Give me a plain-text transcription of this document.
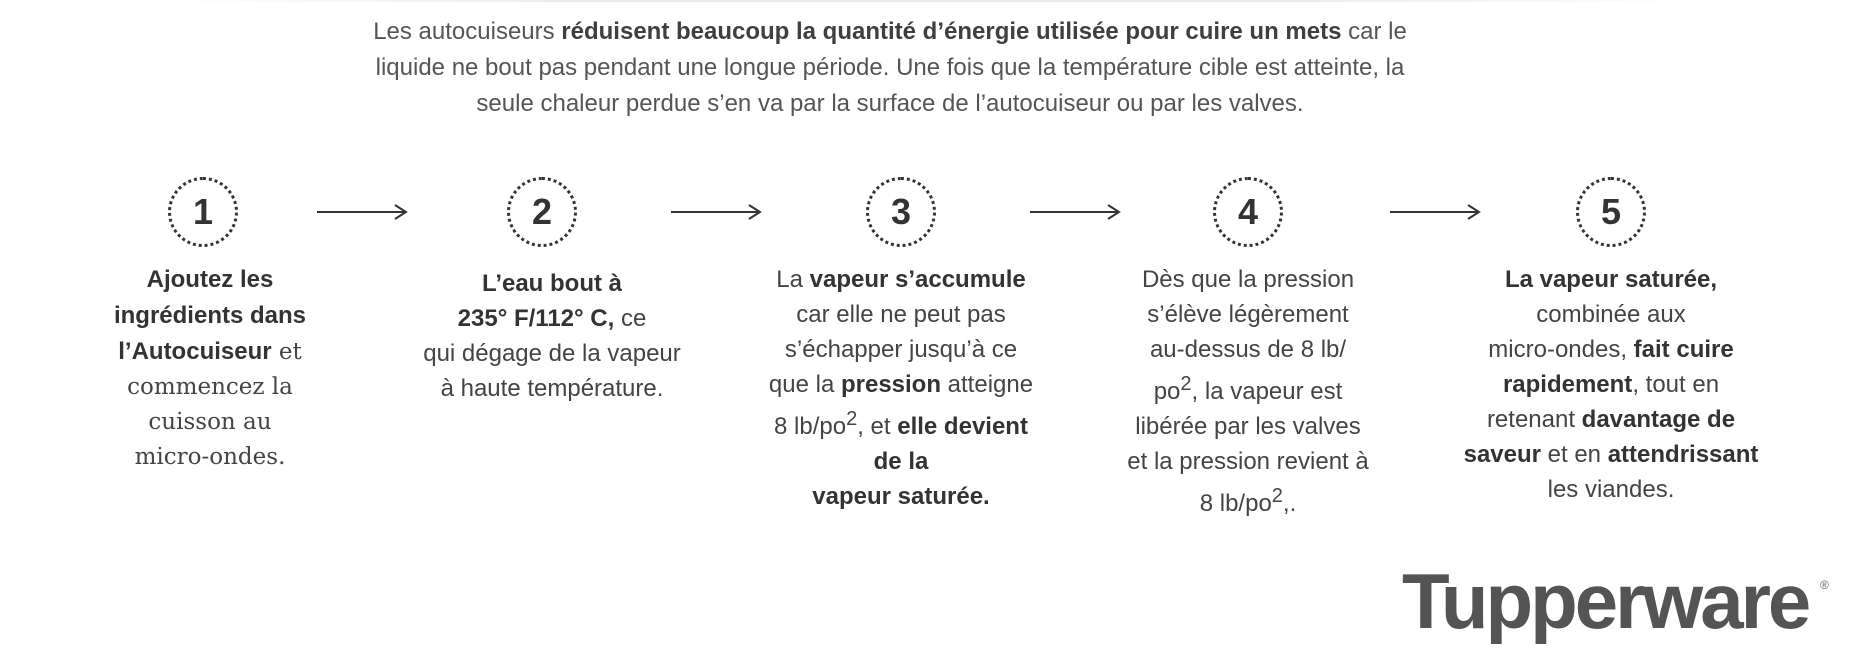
Les autocuiseurs réduisent beaucoup la quantité d’énergie utilisée pour cuire un mets car le
liquide ne bout pas pendant une longue période. Une fois que la température cible est atteinte, la
seule chaleur perdue s’en va par la surface de l’autocuiseur ou par les valves.
1	2	3	4	5
Ajoutez les
ingrédients dans
l’Autocuiseur et
commencez la
cuisson au
micro-ondes.
L’eau bout à
235° F/112° C, ce
qui dégage de la vapeur
à haute température.
La vapeur s’accumule
car elle ne peut pas
s’échapper jusqu’à ce
que la pression atteigne
8 $lb/po^2$, et elle devient
de la
vapeur saturée.
Dès que la pression
s’élève légèrement
au-dessus de 8 lb/
$po^2$, la vapeur est
libérée par les valves
et la pression revient à
8 $lb/po^2$,.
La vapeur saturée,
combinée aux
micro-ondes, fait cuire
rapidement, tout en
retenant davantage de
saveur et en attendrissant
les viandes.
Tupperware ®
